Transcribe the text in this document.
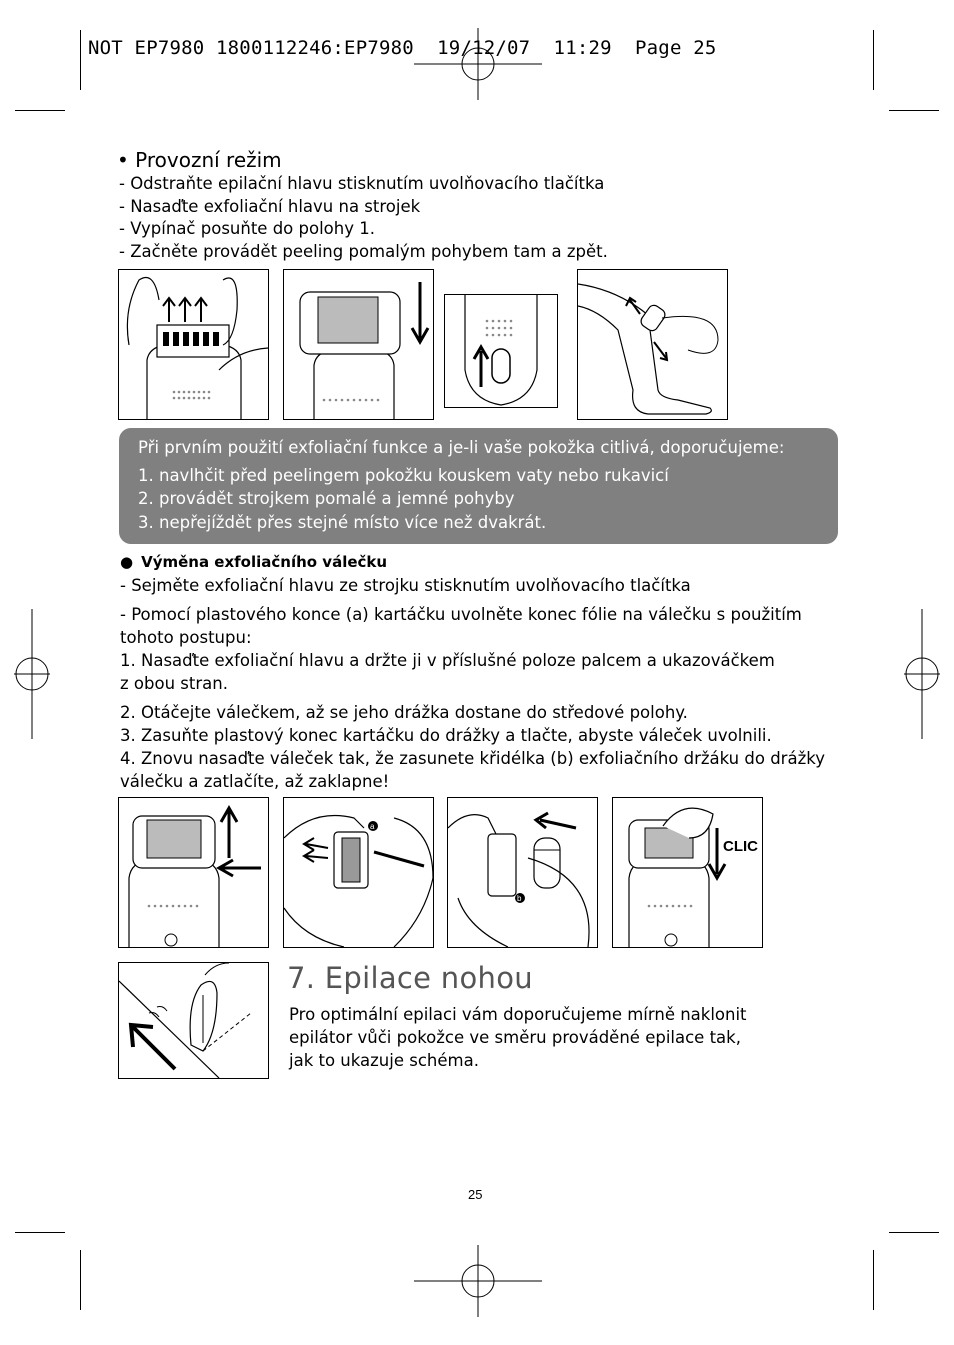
NOT EP7980 1800112246:EP7980  19/12/07  11:29  Page 25
• Provozní režim
- Odstraňte epilační hlavu stisknutím uvolňovacího tlačítka
- Nasaďte exfoliační hlavu na strojek
- Vypínač posuňte do polohy 1.
- Začněte provádět peeling pomalým pohybem tam a zpět.
Při prvním použití exfoliační funkce a je-li vaše pokožka citlivá, doporučujeme:
1. navlhčit před peelingem pokožku kouskem vaty nebo rukavicí
2. provádět strojkem pomalé a jemné pohyby
3. nepřejíždět přes stejné místo více než dvakrát.
● Výměna exfoliačního válečku

- Sejměte exfoliační hlavu ze strojku stisknutím uvolňovacího tlačítka

- Pomocí plastového konce (a) kartáčku uvolněte konec fólie na válečku s použitím

tohoto postupu:

1. Nasaďte exfoliační hlavu a držte ji v příslušné poloze palcem a ukazováčkem

z obou stran.

2. Otáčejte válečkem, až se jeho drážka dostane do středové polohy.

3. Zasuňte plastový konec kartáčku do drážky a tlačte, abyste váleček uvolnili.

4. Znovu nasaďte váleček tak, že zasunete křidélka (b) exfoliačního držáku do drážky

válečku a zatlačíte, až zaklapne!

a
b
CLIC
7. Epilace nohou
Pro optimální epilaci vám doporučujeme mírně naklonit
epilátor vůči pokožce ve směru prováděné epilace tak,
jak to ukazuje schéma.
25
